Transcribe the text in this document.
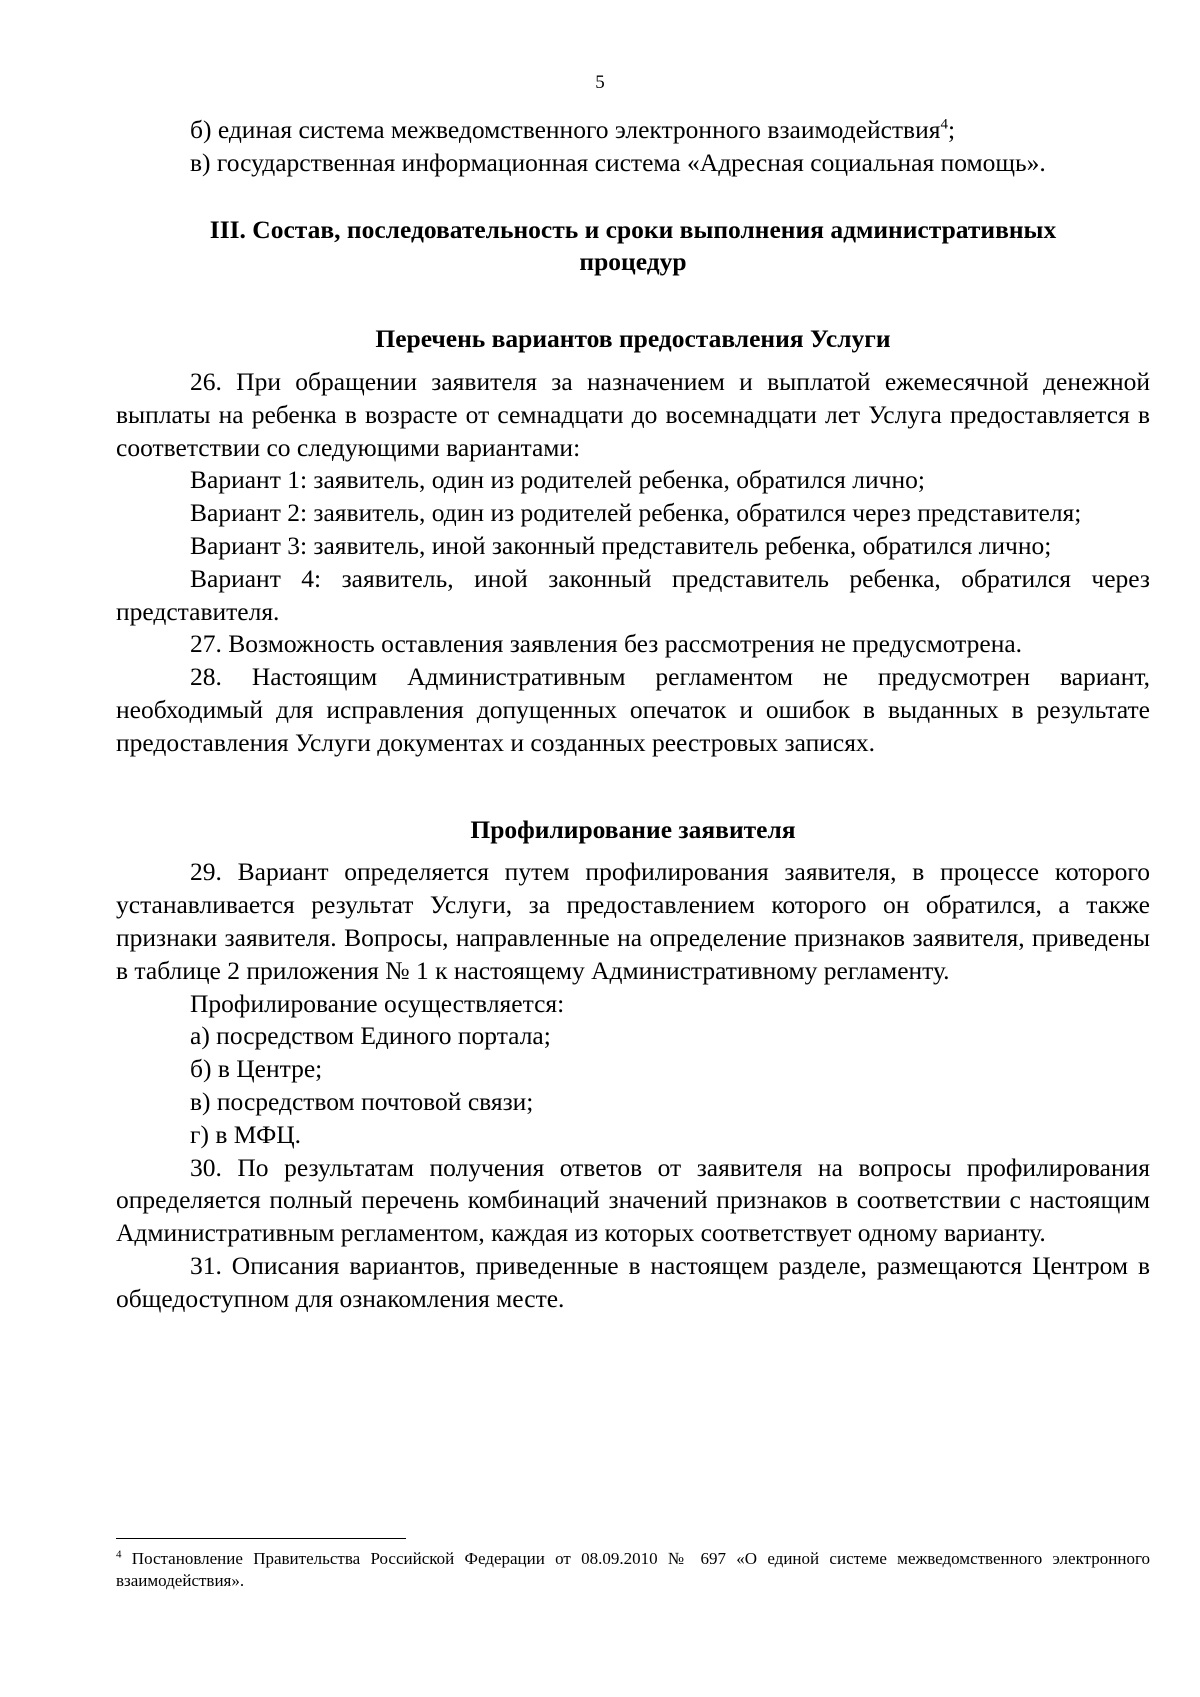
5

б) единая система межведомственного электронного взаимодействия$^4$;

в) государственная информационная система «Адресная социальная помощь».

III. Состав, последовательность и сроки выполнения административных процедур

Перечень вариантов предоставления Услуги

26. При обращении заявителя за назначением и выплатой ежемесячной денежной выплаты на ребенка в возрасте от семнадцати до восемнадцати лет Услуга предоставляется в соответствии со следующими вариантами:

Вариант 1: заявитель, один из родителей ребенка, обратился лично;

Вариант 2: заявитель, один из родителей ребенка, обратился через представителя;

Вариант 3: заявитель, иной законный представитель ребенка, обратился лично;

Вариант 4: заявитель, иной законный представитель ребенка, обратился через представителя.

27. Возможность оставления заявления без рассмотрения не предусмотрена.

28. Настоящим Административным регламентом не предусмотрен вариант, необходимый для исправления допущенных опечаток и ошибок в выданных в результате предоставления Услуги документах и созданных реестровых записях.

Профилирование заявителя

29. Вариант определяется путем профилирования заявителя, в процессе которого устанавливается результат Услуги, за предоставлением которого он обратился, а также признаки заявителя. Вопросы, направленные на определение признаков заявителя, приведены в таблице 2 приложения № 1 к настоящему Административному регламенту.

Профилирование осуществляется:

а) посредством Единого портала;

б) в Центре;

в) посредством почтовой связи;

г) в МФЦ.

30. По результатам получения ответов от заявителя на вопросы профилирования определяется полный перечень комбинаций значений признаков в соответствии с настоящим Административным регламентом, каждая из которых соответствует одному варианту.

31. Описания вариантов, приведенные в настоящем разделе, размещаются Центром в общедоступном для ознакомления месте.

$^4$ Постановление Правительства Российской Федерации от 08.09.2010 № 697 «О единой системе межведомственного электронного взаимодействия».
